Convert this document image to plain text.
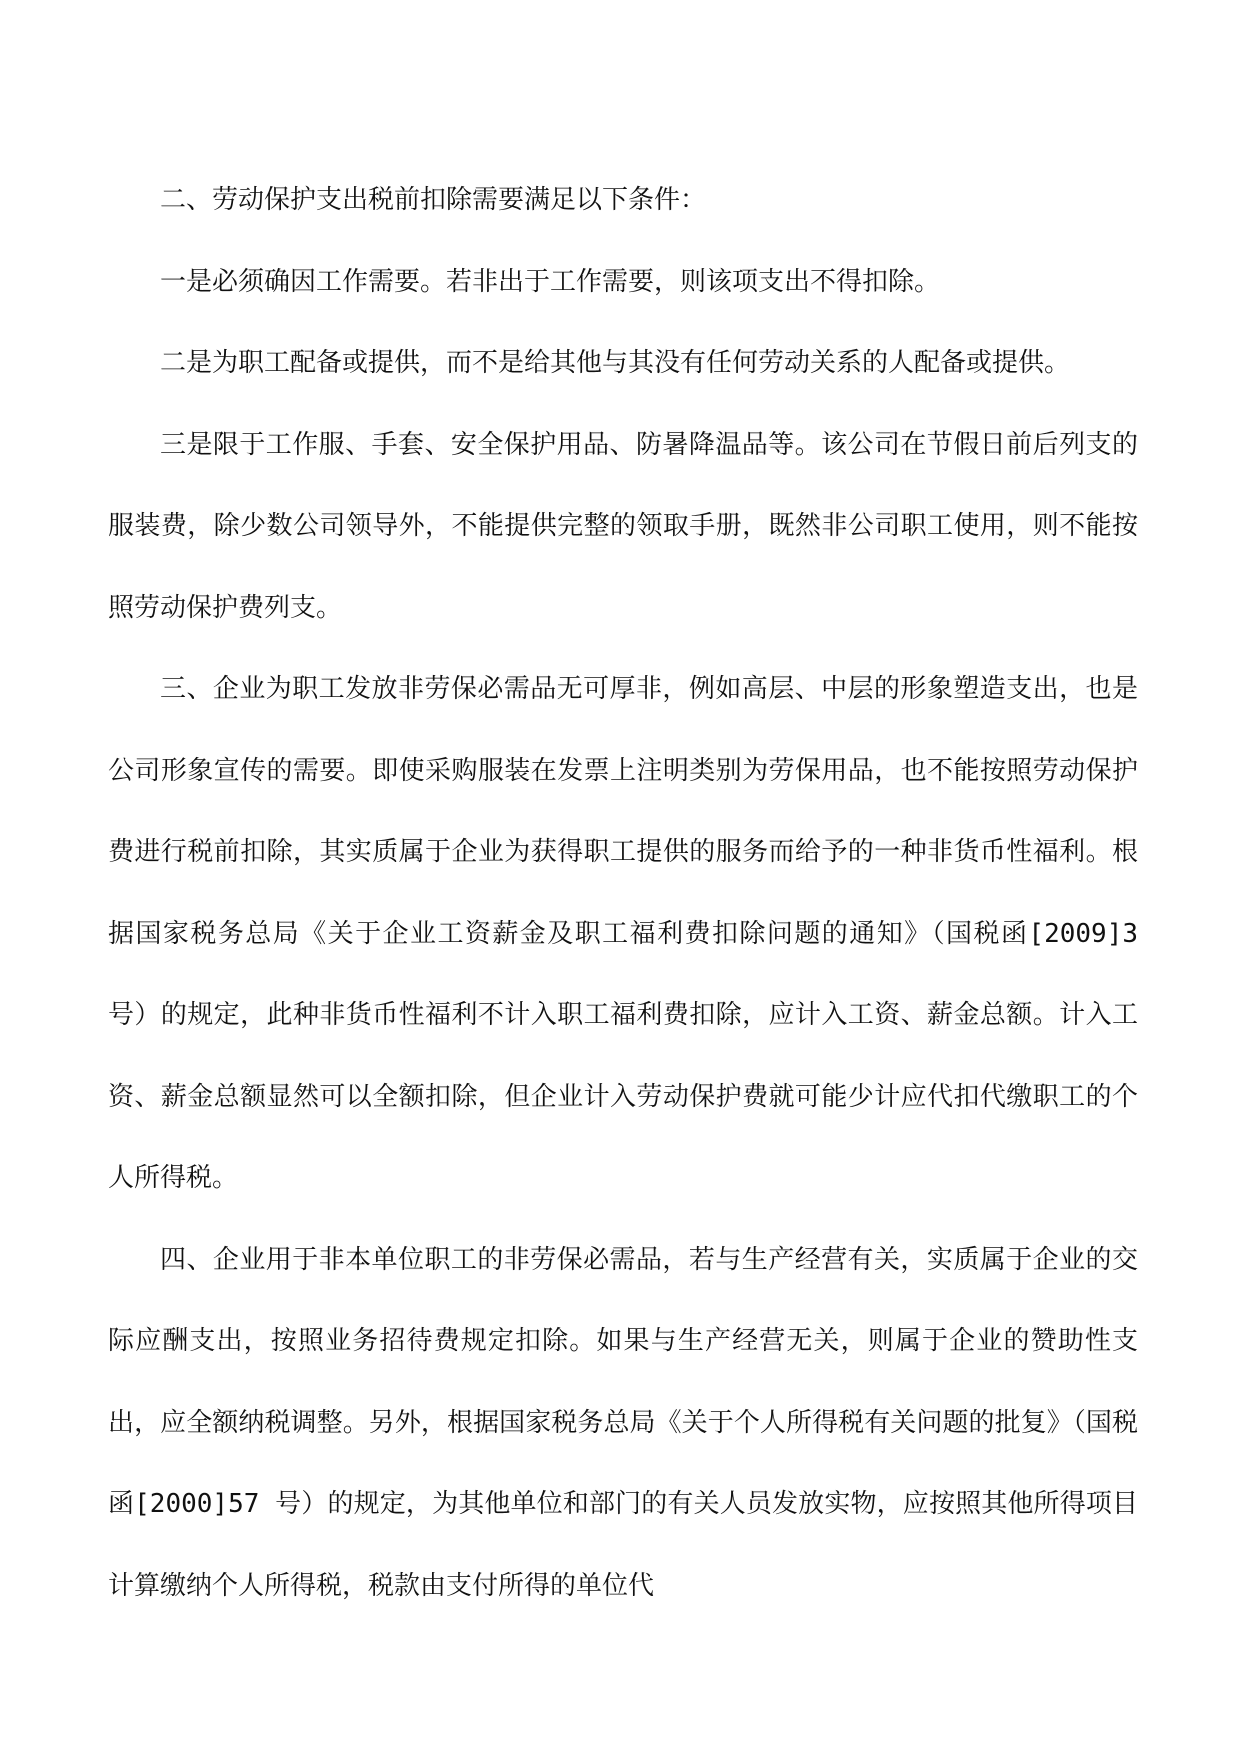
二、劳动保护支出税前扣除需要满足以下条件：

一是必须确因工作需要。若非出于工作需要，则该项支出不得扣除。

二是为职工配备或提供，而不是给其他与其没有任何劳动关系的人配备或提供。

三是限于工作服、手套、安全保护用品、防暑降温品等。该公司在节假日前后列支的服装费，除少数公司领导外，不能提供完整的领取手册，既然非公司职工使用，则不能按照劳动保护费列支。

三、企业为职工发放非劳保必需品无可厚非，例如高层、中层的形象塑造支出，也是公司形象宣传的需要。即使采购服装在发票上注明类别为劳保用品，也不能按照劳动保护费进行税前扣除，其实质属于企业为获得职工提供的服务而给予的一种非货币性福利。根据国家税务总局《关于企业工资薪金及职工福利费扣除问题的通知》（国税函[2009]3 号）的规定，此种非货币性福利不计入职工福利费扣除，应计入工资、薪金总额。计入工资、薪金总额显然可以全额扣除，但企业计入劳动保护费就可能少计应代扣代缴职工的个人所得税。

四、企业用于非本单位职工的非劳保必需品，若与生产经营有关，实质属于企业的交际应酬支出，按照业务招待费规定扣除。如果与生产经营无关，则属于企业的赞助性支出，应全额纳税调整。另外，根据国家税务总局《关于个人所得税有关问题的批复》（国税函[2000]57 号）的规定，为其他单位和部门的有关人员发放实物，应按照其他所得项目计算缴纳个人所得税，税款由支付所得的单位代
